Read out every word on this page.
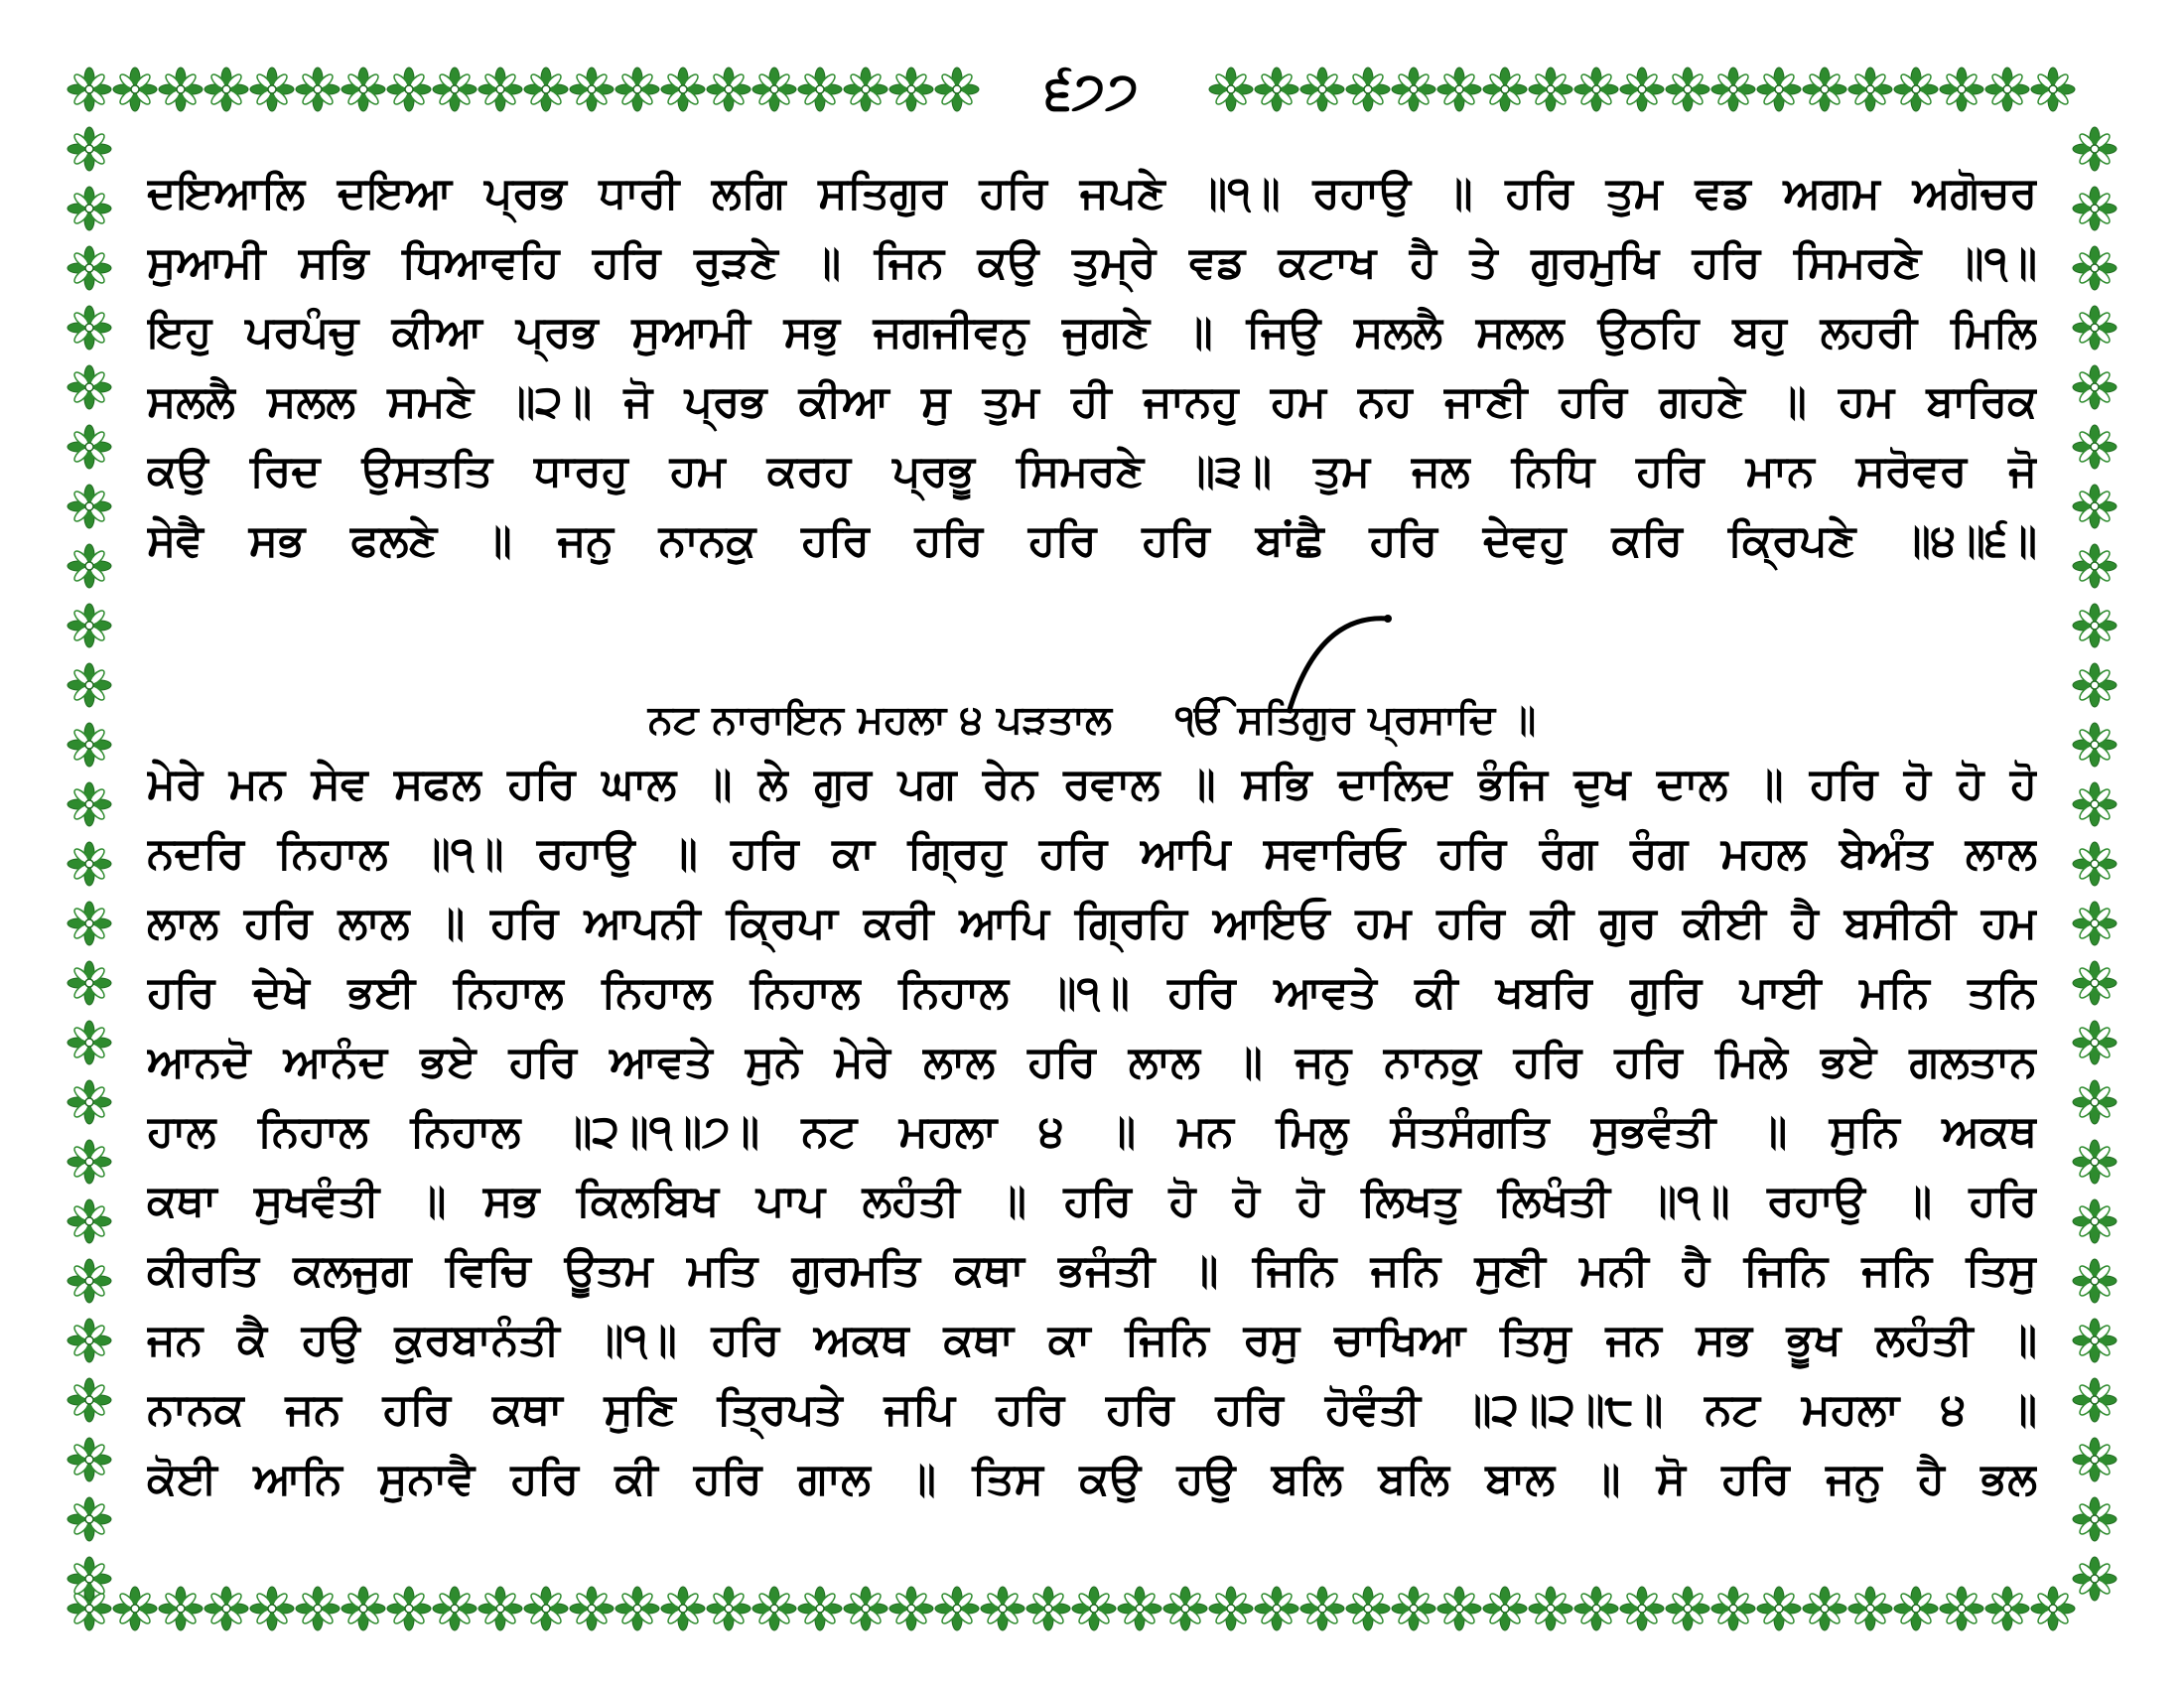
੬੭੭
ਦਇਆਲਿ ਦਇਆ ਪ੍ਰਭ ਧਾਰੀ ਲਗਿ ਸਤਿਗੁਰ ਹਰਿ ਜਪਣੇ ॥੧॥ ਰਹਾਉ ॥ ਹਰਿ ਤੁਮ ਵਡ ਅਗਮ ਅਗੋਚਰ
ਸੁਆਮੀ ਸਭਿ ਧਿਆਵਹਿ ਹਰਿ ਰੁੜਣੇ ॥ ਜਿਨ ਕਉ ਤੁਮ੍ਰੇ ਵਡ ਕਟਾਖ ਹੈ ਤੇ ਗੁਰਮੁਖਿ ਹਰਿ ਸਿਮਰਣੇ ॥੧॥
ਇਹੁ ਪਰਪੰਚੁ ਕੀਆ ਪ੍ਰਭ ਸੁਆਮੀ ਸਭੁ ਜਗਜੀਵਨੁ ਜੁਗਣੇ ॥ ਜਿਉ ਸਲਲੈ ਸਲਲ ਉਠਹਿ ਬਹੁ ਲਹਰੀ ਮਿਲਿ
ਸਲਲੈ ਸਲਲ ਸਮਣੇ ॥੨॥ ਜੋ ਪ੍ਰਭ ਕੀਆ ਸੁ ਤੁਮ ਹੀ ਜਾਨਹੁ ਹਮ ਨਹ ਜਾਣੀ ਹਰਿ ਗਹਣੇ ॥ ਹਮ ਬਾਰਿਕ
ਕਉ ਰਿਦ ਉਸਤਤਿ ਧਾਰਹੁ ਹਮ ਕਰਹ ਪ੍ਰਭੂ ਸਿਮਰਣੇ ॥੩॥ ਤੁਮ ਜਲ ਨਿਧਿ ਹਰਿ ਮਾਨ ਸਰੋਵਰ ਜੋ
ਸੇਵੈ ਸਭ ਫਲਣੇ ॥ ਜਨੁ ਨਾਨਕੁ ਹਰਿ ਹਰਿ ਹਰਿ ਹਰਿ ਬਾਂਛੈ ਹਰਿ ਦੇਵਹੁ ਕਰਿ ਕ੍ਰਿਪਣੇ ॥੪॥੬॥
ਨਟ ਨਾਰਾਇਨ ਮਹਲਾ ੪ ਪੜਤਾਲ ੴ ਸਤਿਗੁਰ ਪ੍ਰਸਾਦਿ ॥
ਮੇਰੇ ਮਨ ਸੇਵ ਸਫਲ ਹਰਿ ਘਾਲ ॥ ਲੇ ਗੁਰ ਪਗ ਰੇਨ ਰਵਾਲ ॥ ਸਭਿ ਦਾਲਿਦ ਭੰਜਿ ਦੁਖ ਦਾਲ ॥ ਹਰਿ ਹੋ ਹੋ ਹੋ
ਨਦਰਿ ਨਿਹਾਲ ॥੧॥ ਰਹਾਉ ॥ ਹਰਿ ਕਾ ਗ੍ਰਿਹੁ ਹਰਿ ਆਪਿ ਸਵਾਰਿਓ ਹਰਿ ਰੰਗ ਰੰਗ ਮਹਲ ਬੇਅੰਤ ਲਾਲ
ਲਾਲ ਹਰਿ ਲਾਲ ॥ ਹਰਿ ਆਪਨੀ ਕ੍ਰਿਪਾ ਕਰੀ ਆਪਿ ਗ੍ਰਿਹਿ ਆਇਓ ਹਮ ਹਰਿ ਕੀ ਗੁਰ ਕੀਈ ਹੈ ਬਸੀਠੀ ਹਮ
ਹਰਿ ਦੇਖੇ ਭਈ ਨਿਹਾਲ ਨਿਹਾਲ ਨਿਹਾਲ ਨਿਹਾਲ ॥੧॥ ਹਰਿ ਆਵਤੇ ਕੀ ਖਬਰਿ ਗੁਰਿ ਪਾਈ ਮਨਿ ਤਨਿ
ਆਨਦੋ ਆਨੰਦ ਭਏ ਹਰਿ ਆਵਤੇ ਸੁਨੇ ਮੇਰੇ ਲਾਲ ਹਰਿ ਲਾਲ ॥ ਜਨੁ ਨਾਨਕੁ ਹਰਿ ਹਰਿ ਮਿਲੇ ਭਏ ਗਲਤਾਨ
ਹਾਲ ਨਿਹਾਲ ਨਿਹਾਲ ॥੨॥੧॥੭॥ ਨਟ ਮਹਲਾ ੪ ॥ ਮਨ ਮਿਲੁ ਸੰਤਸੰਗਤਿ ਸੁਭਵੰਤੀ ॥ ਸੁਨਿ ਅਕਥ
ਕਥਾ ਸੁਖਵੰਤੀ ॥ ਸਭ ਕਿਲਬਿਖ ਪਾਪ ਲਹੰਤੀ ॥ ਹਰਿ ਹੋ ਹੋ ਹੋ ਲਿਖਤੁ ਲਿਖੰਤੀ ॥੧॥ ਰਹਾਉ ॥ ਹਰਿ
ਕੀਰਤਿ ਕਲਜੁਗ ਵਿਚਿ ਊਤਮ ਮਤਿ ਗੁਰਮਤਿ ਕਥਾ ਭਜੰਤੀ ॥ ਜਿਨਿ ਜਨਿ ਸੁਣੀ ਮਨੀ ਹੈ ਜਿਨਿ ਜਨਿ ਤਿਸੁ
ਜਨ ਕੈ ਹਉ ਕੁਰਬਾਨੰਤੀ ॥੧॥ ਹਰਿ ਅਕਥ ਕਥਾ ਕਾ ਜਿਨਿ ਰਸੁ ਚਾਖਿਆ ਤਿਸੁ ਜਨ ਸਭ ਭੂਖ ਲਹੰਤੀ ॥
ਨਾਨਕ ਜਨ ਹਰਿ ਕਥਾ ਸੁਣਿ ਤ੍ਰਿਪਤੇ ਜਪਿ ਹਰਿ ਹਰਿ ਹਰਿ ਹੋਵੰਤੀ ॥੨॥੨॥੮॥ ਨਟ ਮਹਲਾ ੪ ॥
ਕੋਈ ਆਨਿ ਸੁਨਾਵੈ ਹਰਿ ਕੀ ਹਰਿ ਗਾਲ ॥ ਤਿਸ ਕਉ ਹਉ ਬਲਿ ਬਲਿ ਬਾਲ ॥ ਸੋ ਹਰਿ ਜਨੁ ਹੈ ਭਲ
